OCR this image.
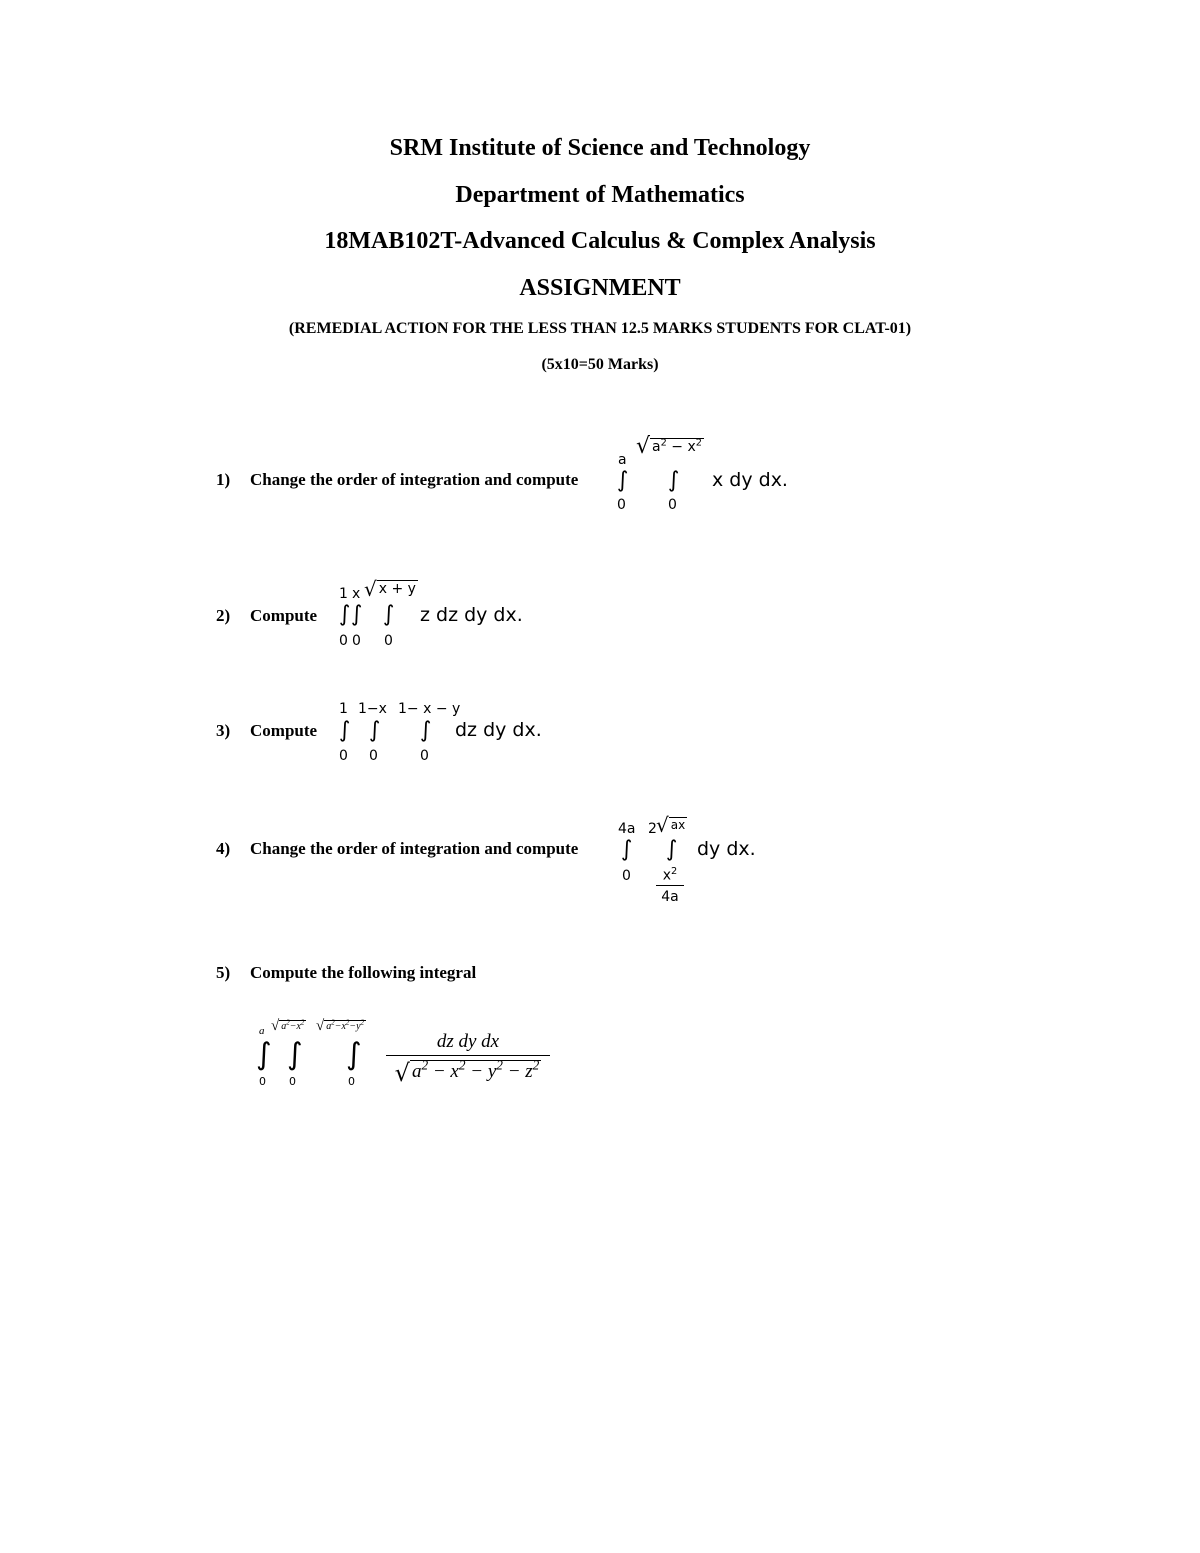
SRM Institute of Science and Technology
Department of Mathematics
18MAB102T-Advanced Calculus & Complex Analysis
ASSIGNMENT
(REMEDIAL ACTION FOR THE LESS THAN 12.5 MARKS STUDENTS FOR CLAT-01)
(5x10=50 Marks)
1) Change the order of integration and compute
a
∫
0
√ $a^2 - x^2$
∫
0
x dy dx.
2) Compute
1 x √ x + y
∫ ∫ ∫
0 0 0
z dz dy dx.
3) Compute
1 1−x 1− x − y
∫ ∫ ∫
0 0	0
dz dy dx.
4) Change the order of integration and compute
4a
∫
0
2 √ ax
∫
$x^2$
4a
dy dx.
5) Compute the following integral
a √ $a^2-x^2$ √ $a^2-x^2-y^2$
∫ ∫ ∫
0 0	$0 \frac{\text{dz dy dx}}{√ a^2 - x^2 - y^2 - z^2}$
